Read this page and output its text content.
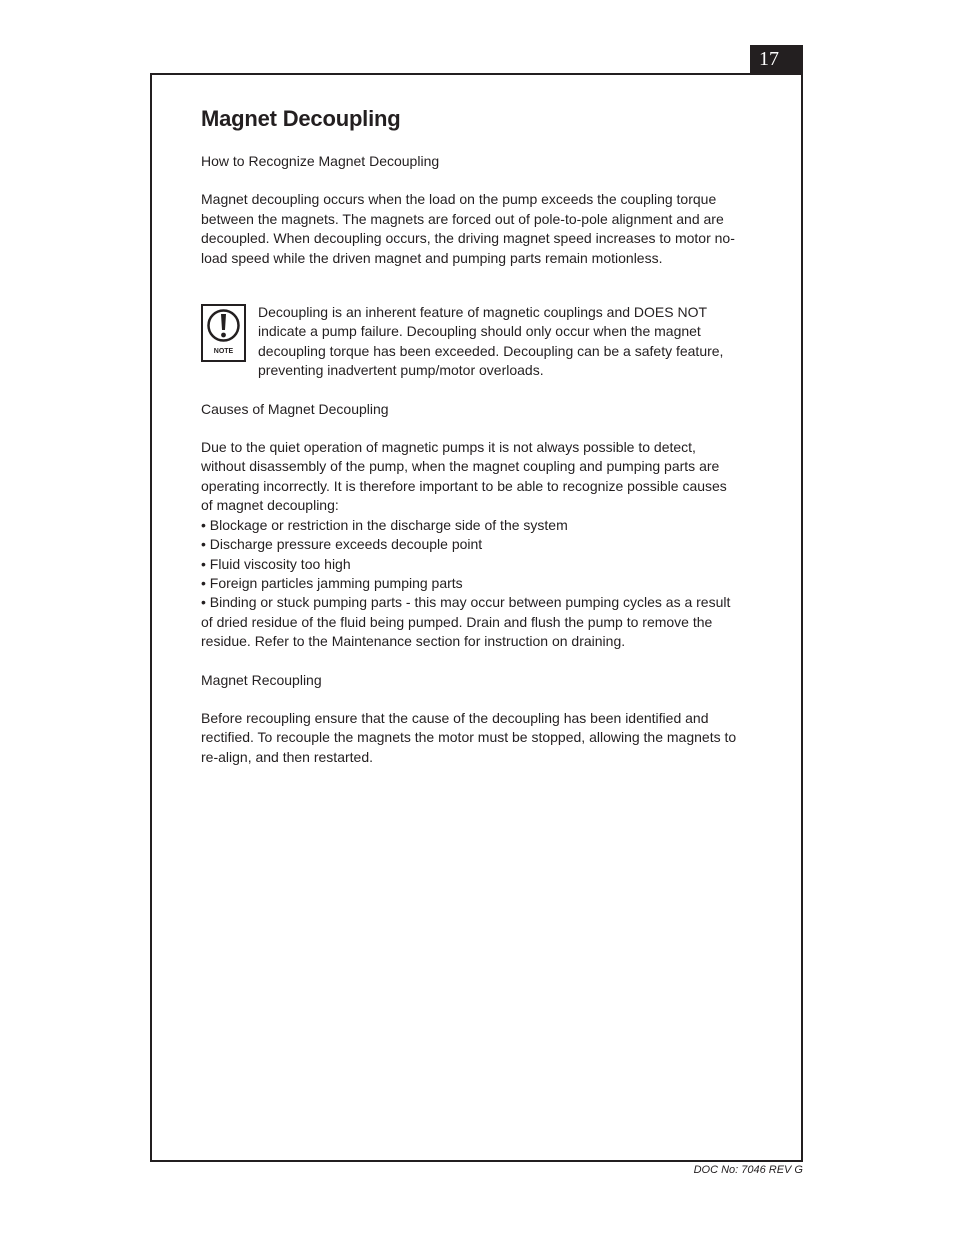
17
Magnet Decoupling
How to Recognize Magnet Decoupling

Magnet decoupling occurs when the load on the pump exceeds the coupling torque between the magnets. The magnets are forced out of pole-to-pole alignment and are decoupled. When decoupling occurs, the driving magnet speed increases to motor no-load speed while the driven magnet and pumping parts remain motionless.

NOTE
Decoupling is an inherent feature of magnetic couplings and DOES NOT indicate a pump failure. Decoupling should only occur when the magnet decoupling torque has been exceeded. Decoupling can be a safety feature, preventing inadvertent pump/motor overloads.
Causes of Magnet Decoupling
Due to the quiet operation of magnetic pumps it is not always possible to detect, without disassembly of the pump, when the magnet coupling and pumping parts are operating incorrectly. It is therefore important to be able to recognize possible causes of magnet decoupling:
• Blockage or restriction in the discharge side of the system
• Discharge pressure exceeds decouple point
• Fluid viscosity too high
• Foreign particles jamming pumping parts
• Binding or stuck pumping parts - this may occur between pumping cycles as a result of dried residue of the fluid being pumped. Drain and flush the pump to remove the residue. Refer to the Maintenance section for instruction on draining.
Magnet Recoupling

Before recoupling ensure that the cause of the decoupling has been identified and rectified. To recouple the magnets the motor must be stopped, allowing the magnets to re-align, and then restarted.

DOC No: 7046 REV G
